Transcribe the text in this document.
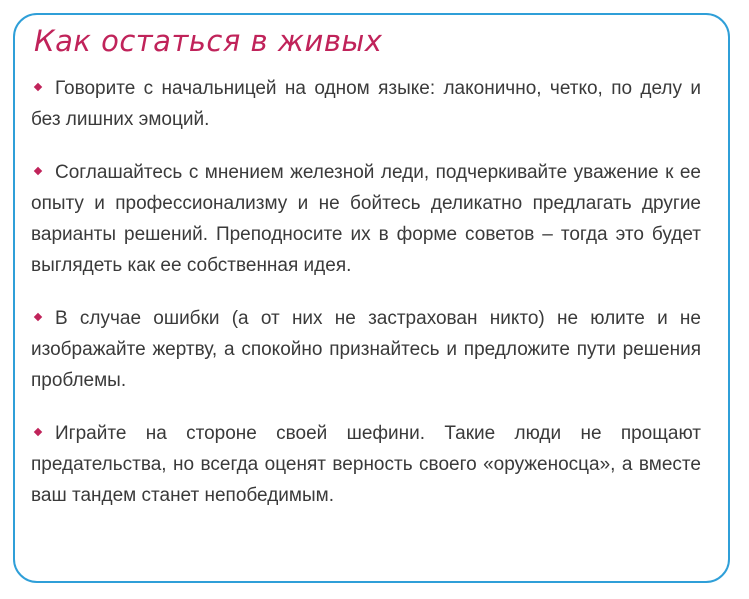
Как остаться в живых

Говорите с начальницей на одном языке: лаконично, четко, по делу и без лишних эмоций.

Соглашайтесь с мнением железной леди, подчеркивайте уважение к ее опыту и профессионализму и не бойтесь деликатно предлагать другие варианты решений. Преподносите их в форме советов – тогда это будет выглядеть как ее собственная идея.

В случае ошибки (а от них не застрахован никто) не юлите и не изображайте жертву, а спокойно признайтесь и предложите пути решения проблемы.

Играйте на стороне своей шефини. Такие люди не прощают предательства, но всегда оценят верность своего «оруженосца», а вместе ваш тандем станет непобедимым.
